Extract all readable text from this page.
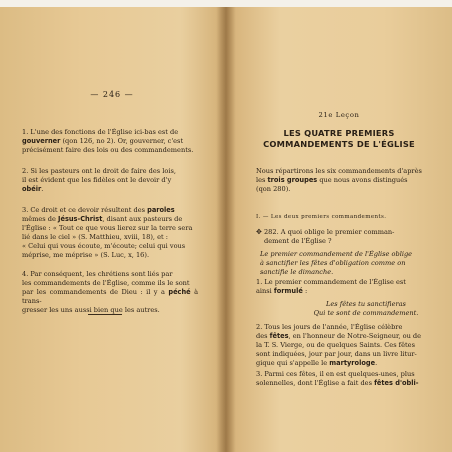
— 246 —
1. L'une des fonctions de l'Église ici-bas est de
gouverner (qon 126, no 2). Or, gouverner, c'est
précisément faire des lois ou des commandements.
2. Si les pasteurs ont le droit de faire des lois,
il est évident que les fidèles ont le devoir d'y
obéir.
3. Ce droit et ce devoir résultent des paroles
mêmes de Jésus-Christ, disant aux pasteurs de
l'Église : « Tout ce que vous lierez sur la terre sera
lié dans le ciel » (S. Matthieu, xviii, 18), et :
« Celui qui vous écoute, m'écoute; celui qui vous
méprise, me méprise » (S. Luc, x, 16).
4. Par conséquent, les chrétiens sont liés par
les commandements de l'Église, comme ils le sont
par les commandements de Dieu : il y a péché à trans-
gresser les uns aussi bien que les autres.
21e Leçon
LES QUATRE PREMIERS
COMMANDEMENTS DE L'ÉGLISE
Nous répartirons les six commandements d'après
les trois groupes que nous avons distingués
(qon 280).
I. — Les deux premiers commandements.
✥ 282. A quoi oblige le premier comman-
dement de l'Église ?
Le premier commandement de l'Église oblige
à sanctifier les fêtes d'obligation comme on
sanctifie le dimanche.
1. Le premier commandement de l'Église est
ainsi formulé :
Les fêtes tu sanctifieras
Qui te sont de commandement.
2. Tous les jours de l'année, l'Église célèbre
des fêtes, en l'honneur de Notre-Seigneur, ou de
la T. S. Vierge, ou de quelques Saints. Ces fêtes
sont indiquées, jour par jour, dans un livre litur-
gique qui s'appelle le martyrologe.
3. Parmi ces fêtes, il en est quelques-unes, plus
solennelles, dont l'Église a fait des fêtes d'obli-
